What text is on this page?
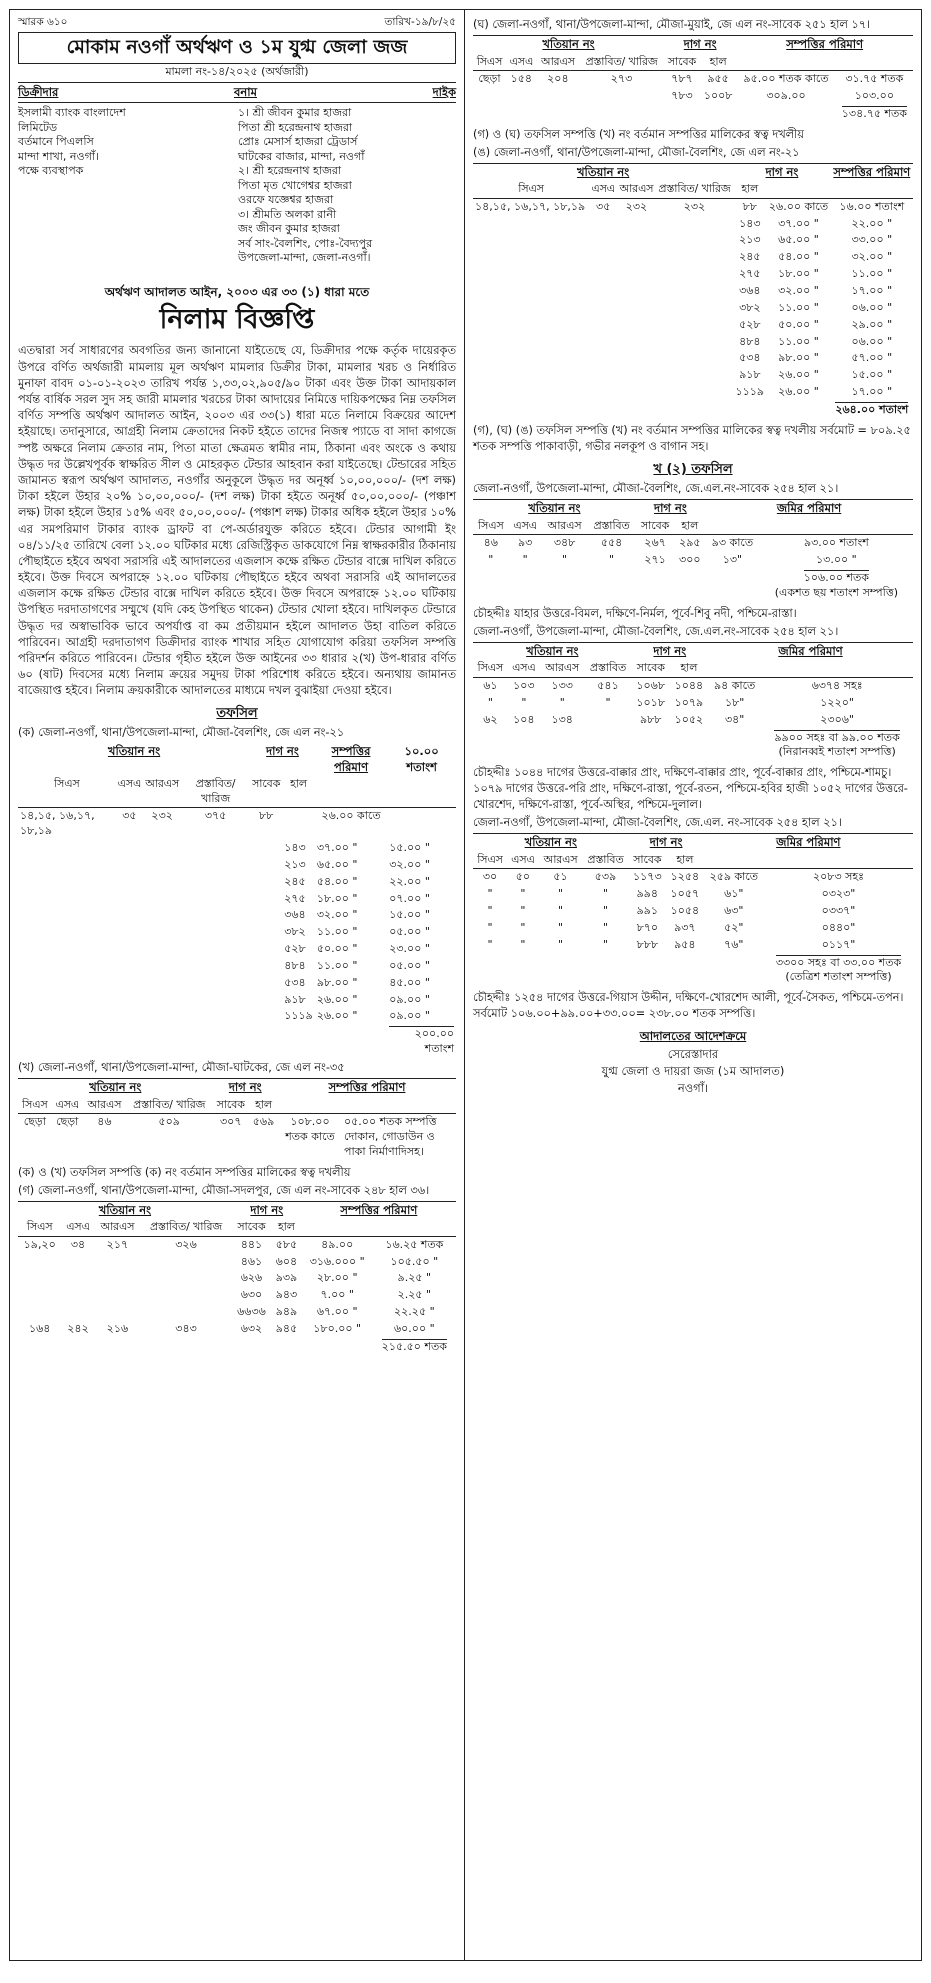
স্মারক ৬১০	তারিখ-১৯/৮/২৫
মোকাম নওগাঁ অর্থঋণ ও ১ম যুগ্ম জেলা জজ
মামলা নং-১৪/২০২৫ (অর্থজারী)
ডিক্রীদার	বনাম	দাইক
ইসলামী ব্যাংক বাংলাদেশ
লিমিটেড
বর্তমানে পিএলসি
মান্দা শাখা, নওগাঁ।
পক্ষে ব্যবস্থাপক
১। শ্রী জীবন কুমার হাজরা
পিতা শ্রী হরেন্দ্রনাথ হাজরা
প্রোঃ মেসার্স হাজরা ট্রেডার্স
ঘাটকের বাজার, মান্দা, নওগাঁ
২। শ্রী হরেন্দ্রনাথ হাজরা
পিতা মৃত খোগেশ্বর হাজরা
ওরফে যজ্ঞেশ্বর হাজরা
৩। শ্রীমতি অলকা রানী
জং জীবন কুমার হাজরা
সর্ব সাং-বৈলশিং, পোঃ-বৈদ্যপুর
উপজেলা-মান্দা, জেলা-নওগাঁ।
অর্থঋণ আদালত আইন, ২০০৩ এর ৩৩ (১) ধারা মতে
নিলাম বিজ্ঞপ্তি
এতদ্বারা সর্ব সাধারণের অবগতির জন্য জানানো যাইতেছে যে, ডিক্রীদার পক্ষে কর্তৃক দায়েরকৃত উপরে বর্ণিত অর্থজারী মামলায় মূল অর্থঋণ মামলার ডিক্রীর টাকা, মামলার খরচ ও নির্ধারিত মুনাফা বাবদ ০১-০১-২০২৩ তারিখ পর্যন্ত ১,৩৩,০২,৯০৫/৯০ টাকা এবং উক্ত টাকা আদায়কাল পর্যন্ত বার্ষিক সরল সুদ সহ জারী মামলার খরচের টাকা আদায়ের নিমিত্তে দায়িকপক্ষের নিম্ন তফসিল বর্ণিত সম্পত্তি অর্থঋণ আদালত আইন, ২০০৩ এর ৩৩(১) ধারা মতে নিলামে বিক্রয়ের আদেশ হইয়াছে। তদানুসারে, আগ্রহী নিলাম ক্রেতাদের নিকট হইতে তাদের নিজস্ব প্যাডে বা সাদা কাগজে স্পষ্ট অক্ষরে নিলাম ক্রেতার নাম, পিতা মাতা ক্ষেত্রমত স্বামীর নাম, ঠিকানা এবং অংকে ও কথায় উদ্ধৃত দর উল্লেখপূর্বক স্বাক্ষরিত সীল ও মোহরকৃত টেন্ডার আহবান করা যাইতেছে। টেন্ডারের সহিত জামানত স্বরূপ অর্থঋণ আদালত, নওগাঁর অনুকূলে উদ্ধৃত দর অনূর্ধ্ব ১০,০০,০০০/- (দশ লক্ষ) টাকা হইলে উহার ২০% ১০,০০,০০০/- (দশ লক্ষ) টাকা হইতে অনূর্ধ্ব ৫০,০০,০০০/- (পঞ্চাশ লক্ষ) টাকা হইলে উহার ১৫% এবং ৫০,০০,০০০/- (পঞ্চাশ লক্ষ) টাকার অধিক হইলে উহার ১০% এর সমপরিমাণ টাকার ব্যাংক ড্রাফট বা পে-অর্ডারযুক্ত করিতে হইবে। টেন্ডার আগামী ইং ০৪/১১/২৫ তারিখে বেলা ১২.০০ ঘটিকার মধ্যে রেজিস্ট্রিকৃত ডাকযোগে নিম্ন স্বাক্ষরকারীর ঠিকানায় পৌছাইতে হইবে অথবা সরাসরি এই আদালতের এজলাস কক্ষে রক্ষিত টেন্ডার বাক্সে দাখিল করিতে হইবে। উক্ত দিবসে অপরাহ্নে ১২.০০ ঘটিকায় পৌছাইতে হইবে অথবা সরাসরি এই আদালতের এজলাস কক্ষে রক্ষিত টেন্ডার বাক্সে দাখিল করিতে হইবে। উক্ত দিবসে অপরাহ্নে ১২.০০ ঘটিকায় উপস্থিত দরদাতাগণের সম্মুখে (যদি কেহ উপস্থিত থাকেন) টেন্ডার খোলা হইবে। দাখিলকৃত টেন্ডারে উদ্ধৃত দর অস্বাভাবিক ভাবে অপর্যাপ্ত বা কম প্রতীয়মান হইলে আদালত উহা বাতিল করিতে পারিবেন। আগ্রহী দরদাতাগণ ডিক্রীদার ব্যাংক শাখার সহিত যোগাযোগ করিয়া তফসিল সম্পত্তি পরিদর্শন করিতে পারিবেন। টেন্ডার গৃহীত হইলে উক্ত আইনের ৩৩ ধারার ২(খ) উপ-ধারার বর্ণিত ৬০ (ষাট) দিবসের মধ্যে নিলাম ক্রয়ের সমুদয় টাকা পরিশোধ করিতে হইবে। অন্যথায় জামানত বাজেয়াপ্ত হইবে। নিলাম ক্রয়কারীকে আদালতের মাধ্যমে দখল বুঝাইয়া দেওয়া হইবে।
তফসিল
(ক) জেলা-নওগাঁ, থানা/উপজেলা-মান্দা, মৌজা-বৈলশিং, জে এল নং-২১
খতিয়ান নং				দাগ নং		সম্পত্তির পরিমাণ	১০.০০ শতাংশ
সিএস	এসএ	আরএস	প্রস্তাবিত/ খারিজ	সাবেক	হাল		
১৪,১৫, ১৬,১৭, ১৮,১৯	৩৫	২৩২	৩৭৫	৮৮		২৬.০০ কাতে	
					১৪৩	৩৭.০০ "	১৫.০০ "
					২১৩	৬৫.০০ "	৩২.০০ "
					২৪৫	৫৪.০০ "	২২.০০ "
					২৭৫	১৮.০০ "	০৭.০০ "
					৩৬৪	৩২.০০ "	১৫.০০ "
					৩৮২	১১.০০ "	০৫.০০ "
					৫২৮	৫০.০০ "	২৩.০০ "
					৪৮৪	১১.০০ "	০৫.০০ "
					৫৩৪	৯৮.০০ "	৪৫.০০ "
					৯১৮	২৬.০০ "	০৯.০০ "
					১১১৯	২৬.০০ "	০৯.০০ "
							২০০.০০ শতাংশ
(খ) জেলা-নওগাঁ, থানা/উপজেলা-মান্দা, মৌজা-ঘাটকের, জে এল নং-৩৫
খতিয়ান নং				দাগ নং		সম্পত্তির পরিমাণ	
সিএস	এসএ	আরএস	প্রস্তাবিত/ খারিজ	সাবেক	হাল		
ছেড়া	ছেড়া	৪৬	৫০৯	৩০৭	৫৬৯	১০৮.০০ শতক কাতে	০৫.০০ শতক সম্পত্তি দোকান, গোডাউন ও পাকা নির্মাণাদিসহ।
(ক) ও (খ) তফসিল সম্পত্তি (ক) নং বর্তমান সম্পত্তির মালিকের স্বত্ব দখলীয়
(গ) জেলা-নওগাঁ, থানা/উপজেলা-মান্দা, মৌজা-সদলপুর, জে এল নং-সাবেক ২৪৮ হাল ৩৬।
খতিয়ান নং				দাগ নং		সম্পত্তির পরিমাণ	
সিএস	এসএ	আরএস	প্রস্তাবিত/ খারিজ	সাবেক	হাল		
১৯,২০	৩৪	২১৭	৩২৬	৪৪১	৫৮৫	৪৯.০০	১৬.২৫ শতক
				৪৬১	৬০৪	৩১৬.০০০ "	১০৫.৫০ "
				৬২৬	৯৩৯	২৮.০০ "	৯.২৫ "
				৬৩০	৯৪৩	৭.০০ "	২.২৫ "
				৬৬৩৬	৯৪৯	৬৭.০০ "	২২.২৫ "
১৬৪	২৪২	২১৬	৩৪৩	৬৩২	৯৪৫	১৮০.০০ "	৬০.০০ "
							২১৫.৫০ শতক
(ঘ) জেলা-নওগাঁ, থানা/উপজেলা-মান্দা, মৌজা-মুয়াই, জে এল নং-সাবেক ২৫১ হাল ১৭।
খতিয়ান নং				দাগ নং		সম্পত্তির পরিমাণ	
সিএস	এসএ	আরএস	প্রস্তাবিত/ খারিজ	সাবেক	হাল		
ছেড়া	১৫৪	২০৪	২৭৩	৭৮৭	৯৫৫	৯৫.০০ শতক কাতে	৩১.৭৫ শতক
				৭৮৩	১০০৮	৩০৯.০০	১০৩.০০
							১৩৪.৭৫ শতক
(গ) ও (ঘ) তফসিল সম্পত্তি (খ) নং বর্তমান সম্পত্তির মালিকের স্বত্ব দখলীয়
(ঙ) জেলা-নওগাঁ, থানা/উপজেলা-মান্দা, মৌজা-বৈলশিং, জে এল নং-২১
খতিয়ান নং				দাগ নং		সম্পত্তির পরিমাণ
সিএস	এসএ	আরএস	প্রস্তাবিত/ খারিজ	হাল		
১৪,১৫, ১৬,১৭, ১৮,১৯	৩৫	২৩২	২৩২	৮৮	২৬.০০ কাতে	১৬.০০ শতাংশ
				১৪৩	৩৭.০০ "	২২.০০ "
				২১৩	৬৫.০০ "	৩৩.০০ "
				২৪৫	৫৪.০০ "	৩২.০০ "
				২৭৫	১৮.০০ "	১১.০০ "
				৩৬৪	৩২.০০ "	১৭.০০ "
				৩৮২	১১.০০ "	০৬.০০ "
				৫২৮	৫০.০০ "	২৯.০০ "
				৪৮৪	১১.০০ "	০৬.০০ "
				৫৩৪	৯৮.০০ "	৫৭.০০ "
				৯১৮	২৬.০০ "	১৫.০০ "
				১১১৯	২৬.০০ "	১৭.০০ "
						২৬৪.০০ শতাংশ
(গ), (ঘ) (ঙ) তফসিল সম্পত্তি (খ) নং বর্তমান সম্পত্তির মালিকের স্বত্ব দখলীয় সর্বমোট = ৮০৯.২৫ শতক সম্পত্তি পাকাবাড়ী, গভীর নলকূপ ও বাগান সহ।
খ (২) তফসিল
জেলা-নওগাঁ, উপজেলা-মান্দা, মৌজা-বৈলশিং, জে.এল.নং-সাবেক ২৫৪ হাল ২১।
খতিয়ান নং				দাগ নং		জমির পরিমাণ	
সিএস	এসএ	আরএস	প্রস্তাবিত	সাবেক	হাল		
৪৬	৯৩	৩৪৮	৫৫৪	২৬৭	২৯৫	৯৩ কাতে	৯৩.০০ শতাংশ
"	"	"	"	২৭১	৩০০	১৩"	১৩.০০ "
							১০৬.০০ শতক
(একশত ছয় শতাংশ সম্পত্তি)
চৌহদ্দীঃ যাহার উত্তরে-বিমল, দক্ষিণে-নির্মল, পূর্বে-শিবু নদী, পশ্চিমে-রাস্তা।
জেলা-নওগাঁ, উপজেলা-মান্দা, মৌজা-বৈলশিং, জে.এল.নং-সাবেক ২৫৪ হাল ২১।
খতিয়ান নং				দাগ নং		জমির পরিমাণ	
সিএস	এসএ	আরএস	প্রস্তাবিত	সাবেক	হাল		
৬১	১০৩	১৩৩	৫৪১	১০৬৮	১০৪৪	৯৪ কাতে	৬৩৭৪ সহঃ
"	"	"	"	১০১৮	১০৭৯	১৮"	১২২০"
৬২	১০৪	১৩৪		৯৮৮	১০৫২	৩৪"	২৩০৬"
							৯৯০০ সহঃ বা ৯৯.০০ শতক
(নিরানব্বই শতাংশ সম্পত্তি)
চৌহদ্দীঃ ১০৪৪ দাগের উত্তরে-বাক্কার প্রাং, দক্ষিণে-বাক্কার প্রাং, পূর্বে-বাক্কার প্রাং, পশ্চিমে-শামচু। ১০৭৯ দাগের উত্তরে-পরি প্রাং, দক্ষিণে-রাস্তা, পূর্বে-রতন, পশ্চিমে-হবির হাজী ১০৫২ দাগের উত্তরে-খোরশেদ, দক্ষিণে-রাস্তা, পূর্বে-অস্থির, পশ্চিমে-দুলাল।
জেলা-নওগাঁ, উপজেলা-মান্দা, মৌজা-বৈলশিং, জে.এল. নং-সাবেক ২৫৪ হাল ২১।
খতিয়ান নং				দাগ নং		জমির পরিমাণ	
সিএস	এসএ	আরএস	প্রস্তাবিত	সাবেক	হাল		
৩০	৫০	৫১	৫৩৯	১১৭৩	১২৫৪	২৫৯ কাতে	২০৮৩ সহঃ
"	"	"	"	৯৯৪	১০৫৭	৬১"	০৩২৩"
"	"	"	"	৯৯১	১০৫৪	৬৩"	০৩৩৭"
"	"	"	"	৮৭০	৯৩৭	৫২"	০৪৪০"
"	"	"	"	৮৮৮	৯৫৪	৭৬"	০১১৭"
							৩৩০০ সহঃ বা ৩৩.০০ শতক
(তেত্রিশ শতাংশ সম্পত্তি)
চৌহদ্দীঃ ১২৫৪ দাগের উত্তরে-গিয়াস উদ্দীন, দক্ষিণে-খোরশেদ আলী, পূর্বে-সৈকত, পশ্চিমে-তপন। সর্বমোট ১০৬.০০+৯৯.০০+৩৩.০০= ২৩৮.০০ শতক সম্পত্তি।
আদালতের আদেশক্রমে
সেরেস্তাদার
যুগ্ম জেলা ও দায়রা জজ (১ম আদালত)
নওগাঁ।
